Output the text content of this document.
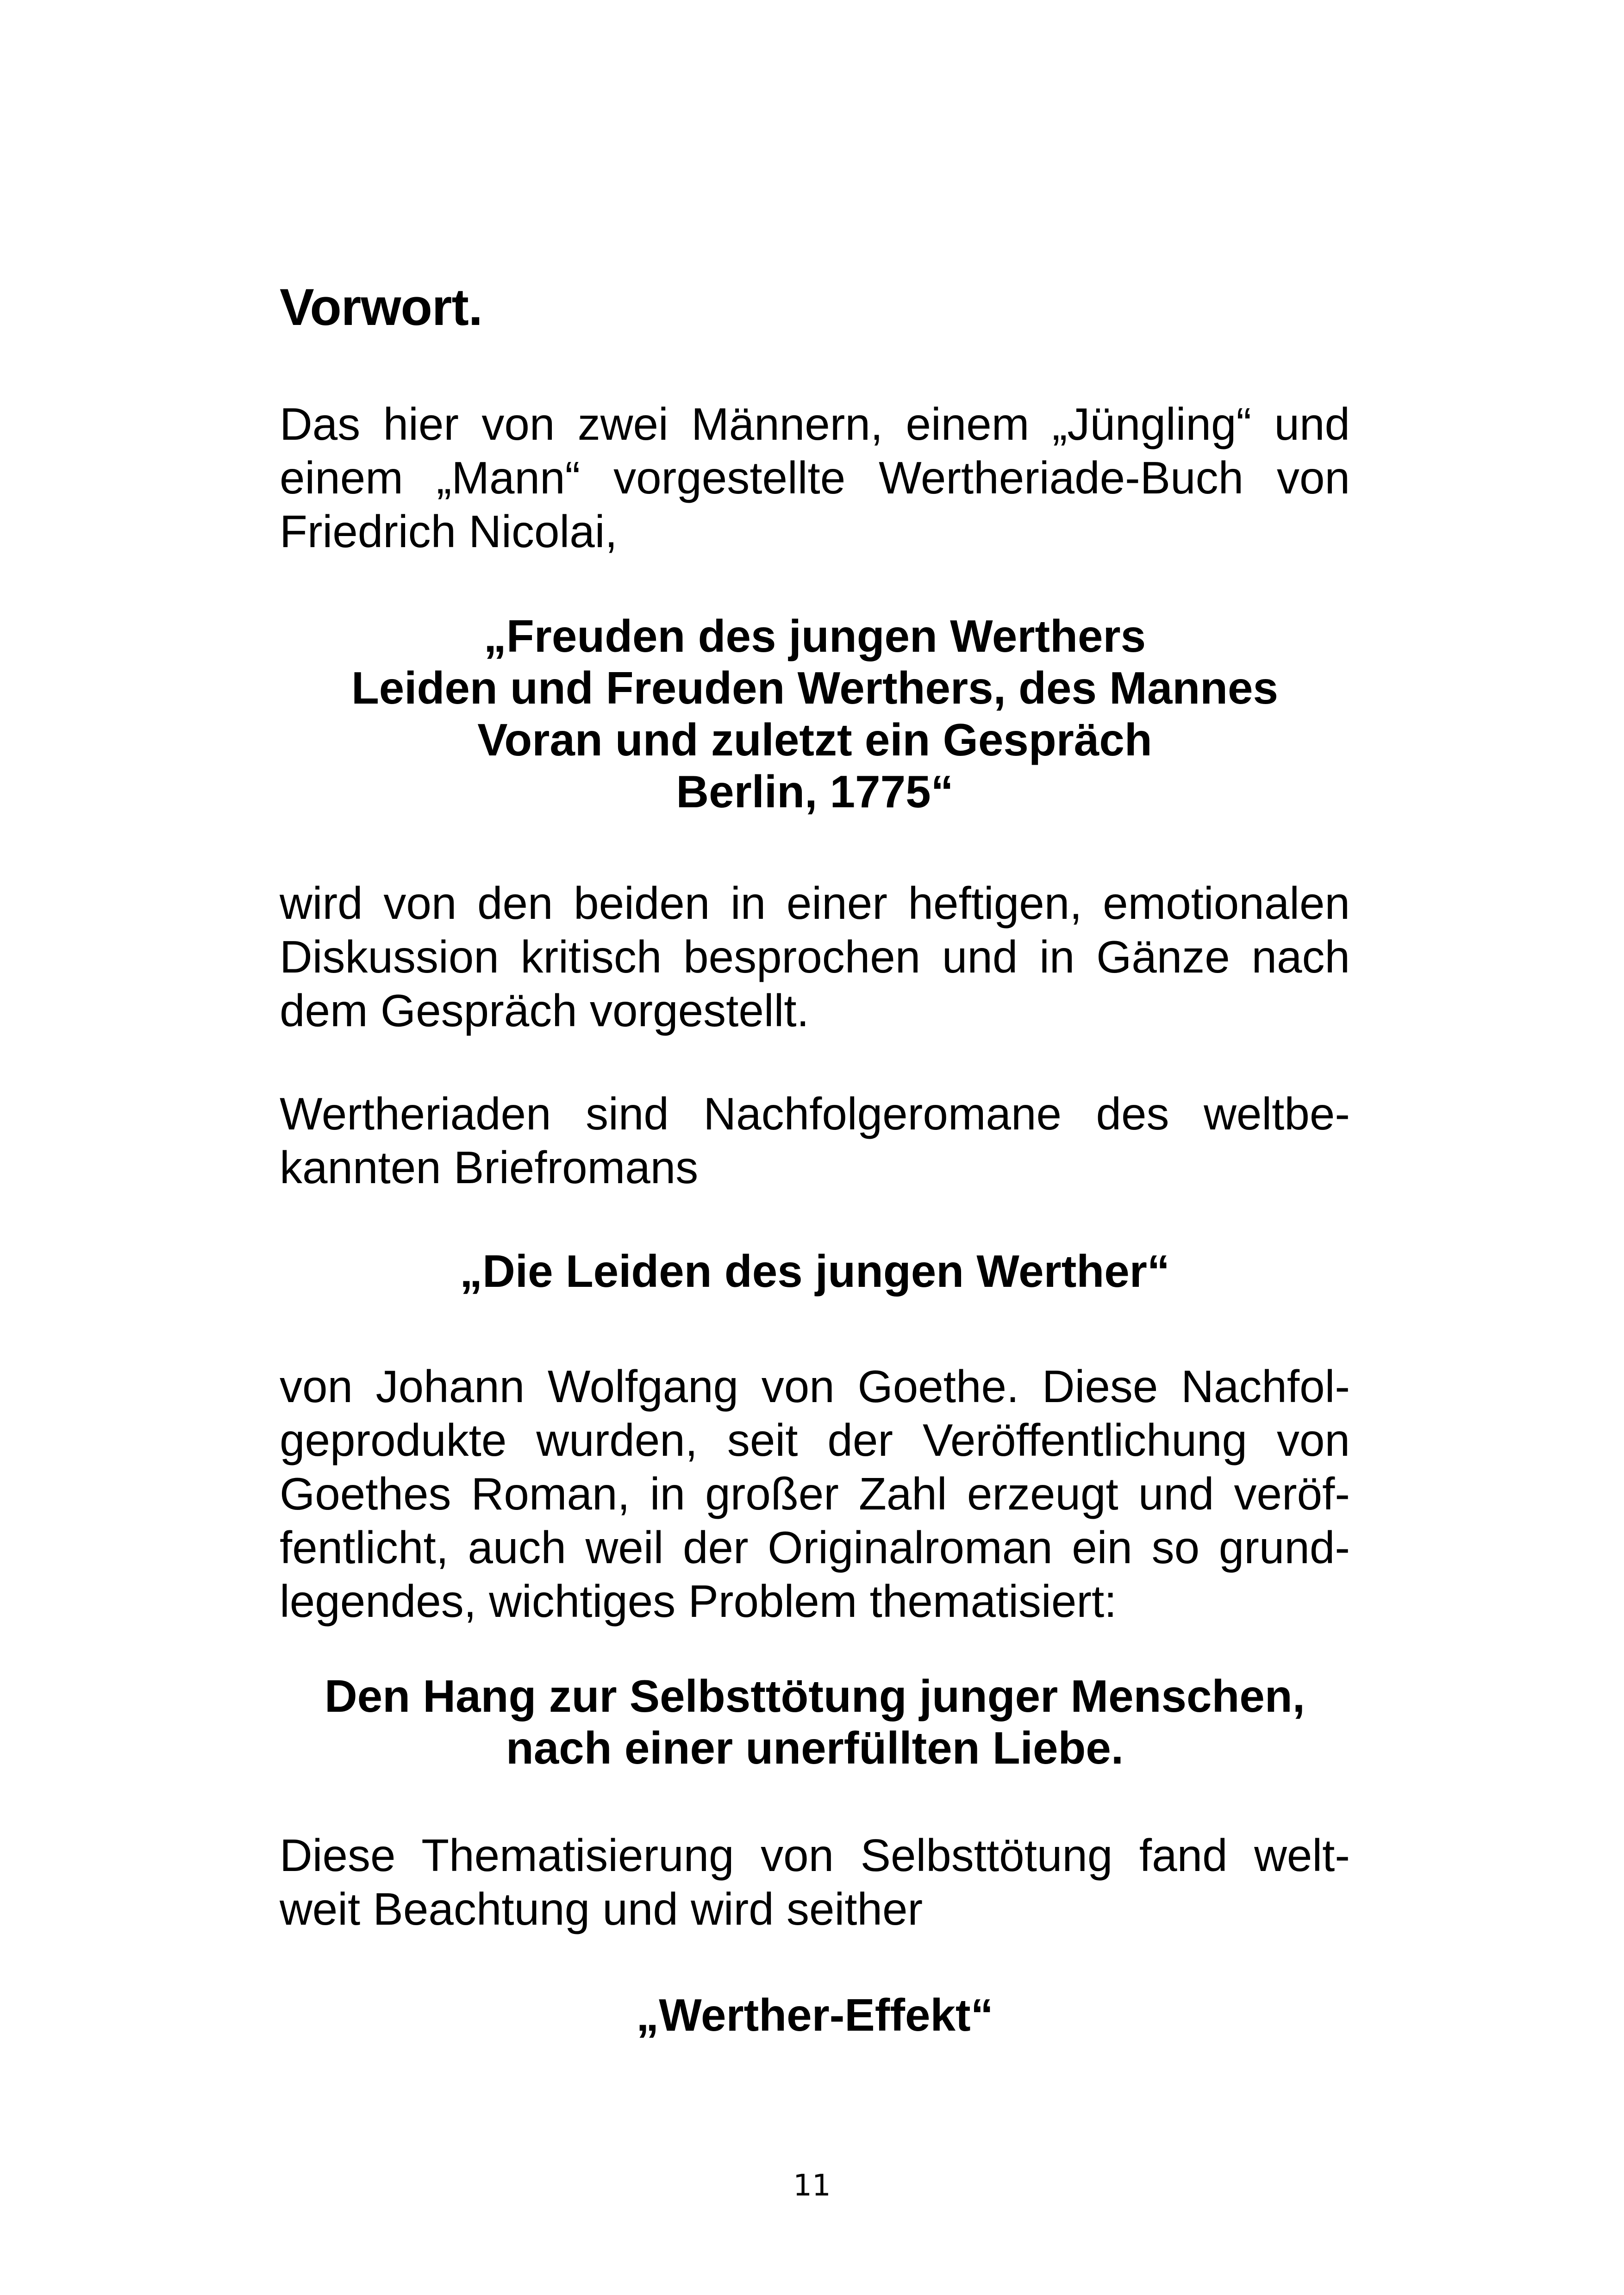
Vorwort.

Das hier von zwei Männern, einem „Jüngling“ und
einem „Mann“ vorgestellte Wertheriade-Buch von
Friedrich Nicolai,

„Freuden des jungen Werthers
Leiden und Freuden Werthers, des Mannes
Voran und zuletzt ein Gespräch
Berlin, 1775“

wird von den beiden in einer heftigen, emotionalen
Diskussion kritisch besprochen und in Gänze nach
dem Gespräch vorgestellt.

Wertheriaden sind Nachfolgeromane des weltbe-
kannten Briefromans

„Die Leiden des jungen Werther“

von Johann Wolfgang von Goethe. Diese Nachfol-
geprodukte wurden, seit der Veröffentlichung von
Goethes Roman, in großer Zahl erzeugt und veröf-
fentlicht, auch weil der Originalroman ein so grund-
legendes, wichtiges Problem thematisiert:

Den Hang zur Selbsttötung junger Menschen,
nach einer unerfüllten Liebe.

Diese Thematisierung von Selbsttötung fand welt-
weit Beachtung und wird seither

„Werther-Effekt“

11
